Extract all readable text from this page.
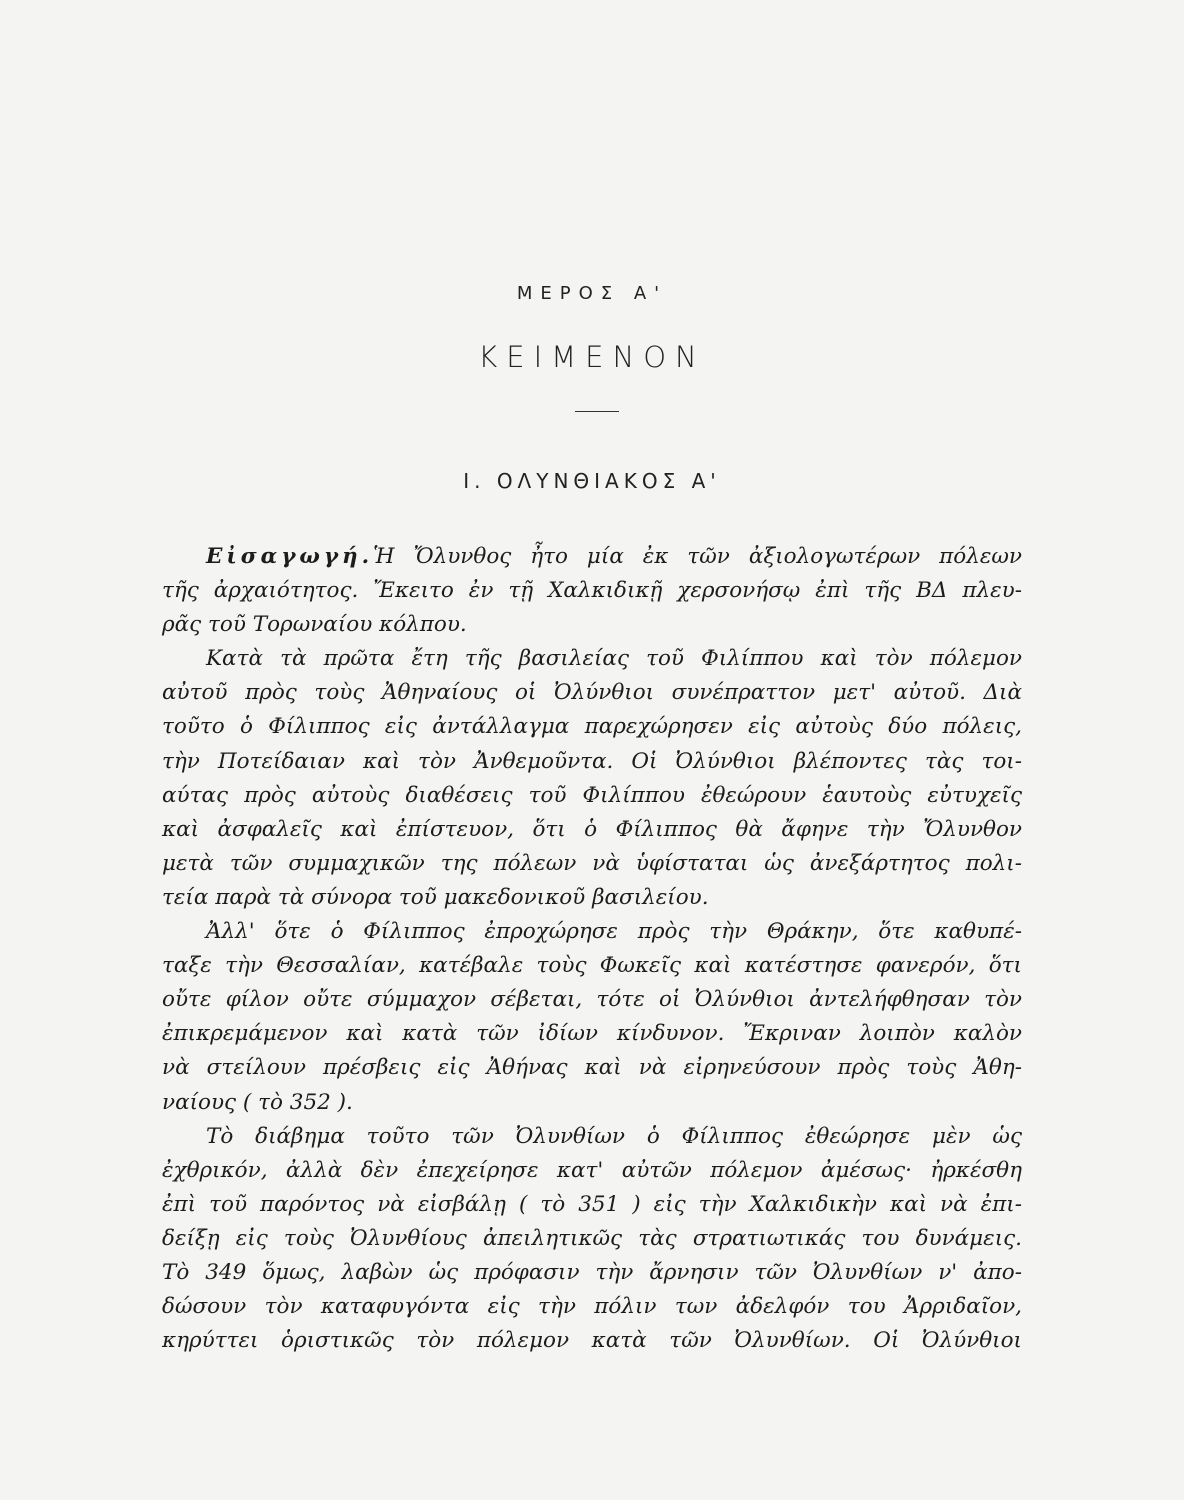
ΜΕΡΟΣ Α'
ΚΕΙΜΕΝΟΝ
Ι. ΟΛΥΝΘΙΑΚΟΣ Α'
Εἰσαγωγή.Ἡ Ὄλυνθος ἦτο μία ἐκ τῶν ἀξιολογωτέρων πόλεων
τῆς ἀρχαιότητος. Ἔκειτο ἐν τῇ Χαλκιδικῇ χερσονήσῳ ἐπὶ τῆς ΒΔ πλευ-
ρᾶς τοῦ Τορωναίου κόλπου.
Κατὰ τὰ πρῶτα ἔτη τῆς βασιλείας τοῦ Φιλίππου καὶ τὸν πόλεμον
αὐτοῦ πρὸς τοὺς Ἀθηναίους οἱ Ὀλύνθιοι συνέπραττον μετ' αὐτοῦ. Διὰ
τοῦτο ὁ Φίλιππος εἰς ἀντάλλαγμα παρεχώρησεν εἰς αὐτοὺς δύο πόλεις,
τὴν Ποτείδαιαν καὶ τὸν Ἀνθεμοῦντα. Οἱ Ὀλύνθιοι βλέποντες τὰς τοι-
αύτας πρὸς αὐτοὺς διαθέσεις τοῦ Φιλίππου ἐθεώρουν ἑαυτοὺς εὐτυχεῖς
καὶ ἀσφαλεῖς καὶ ἐπίστευον, ὅτι ὁ Φίλιππος θὰ ἄφηνε τὴν Ὄλυνθον
μετὰ τῶν συμμαχικῶν της πόλεων νὰ ὑφίσταται ὡς ἀνεξάρτητος πολι-
τεία παρὰ τὰ σύνορα τοῦ μακεδονικοῦ βασιλείου.
Ἀλλ' ὅτε ὁ Φίλιππος ἐπροχώρησε πρὸς τὴν Θράκην, ὅτε καθυπέ-
ταξε τὴν Θεσσαλίαν, κατέβαλε τοὺς Φωκεῖς καὶ κατέστησε φανερόν, ὅτι
οὔτε φίλον οὔτε σύμμαχον σέβεται, τότε οἱ Ὀλύνθιοι ἀντελήφθησαν τὸν
ἐπικρεμάμενον καὶ κατὰ τῶν ἰδίων κίνδυνον. Ἔκριναν λοιπὸν καλὸν
νὰ στείλουν πρέσβεις εἰς Ἀθήνας καὶ νὰ εἰρηνεύσουν πρὸς τοὺς Ἀθη-
ναίους ( τὸ 352 ).
Τὸ διάβημα τοῦτο τῶν Ὀλυνθίων ὁ Φίλιππος ἐθεώρησε μὲν ὡς
ἐχθρικόν, ἀλλὰ δὲν ἐπεχείρησε κατ' αὐτῶν πόλεμον ἀμέσως· ἠρκέσθη
ἐπὶ τοῦ παρόντος νὰ εἰσβάλῃ ( τὸ 351 ) εἰς τὴν Χαλκιδικὴν καὶ νὰ ἐπι-
δείξῃ εἰς τοὺς Ὀλυνθίους ἀπειλητικῶς τὰς στρατιωτικάς του δυνάμεις.
Τὸ 349 ὅμως, λαβὼν ὡς πρόφασιν τὴν ἄρνησιν τῶν Ὀλυνθίων ν' ἀπο-
δώσουν τὸν καταφυγόντα εἰς τὴν πόλιν των ἀδελφόν του Ἀρριδαῖον,
κηρύττει ὁριστικῶς τὸν πόλεμον κατὰ τῶν Ὀλυνθίων. Οἱ Ὀλύνθιοι
